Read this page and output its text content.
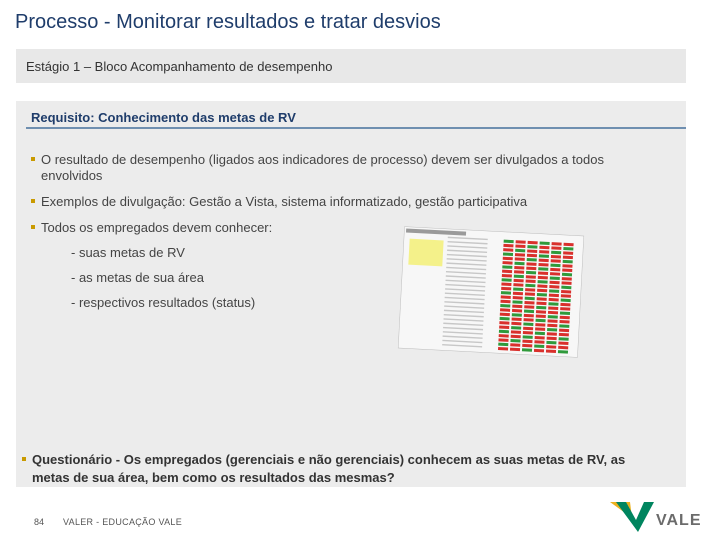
Processo - Monitorar resultados e tratar desvios
Estágio 1 – Bloco Acompanhamento de desempenho
Requisito: Conhecimento das metas de RV
O resultado de desempenho (ligados aos indicadores de processo) devem ser divulgados a todos
envolvidos
Exemplos de divulgação: Gestão a Vista, sistema informatizado, gestão participativa
Todos os empregados devem conhecer:
- suas metas de RV
- as metas de sua área
- respectivos resultados (status)
Questionário - Os empregados (gerenciais e não gerenciais) conhecem as suas metas de RV, as
metas de sua área, bem como os resultados das mesmas?
84 VALER - EDUCAÇÃO VALE	VALE
